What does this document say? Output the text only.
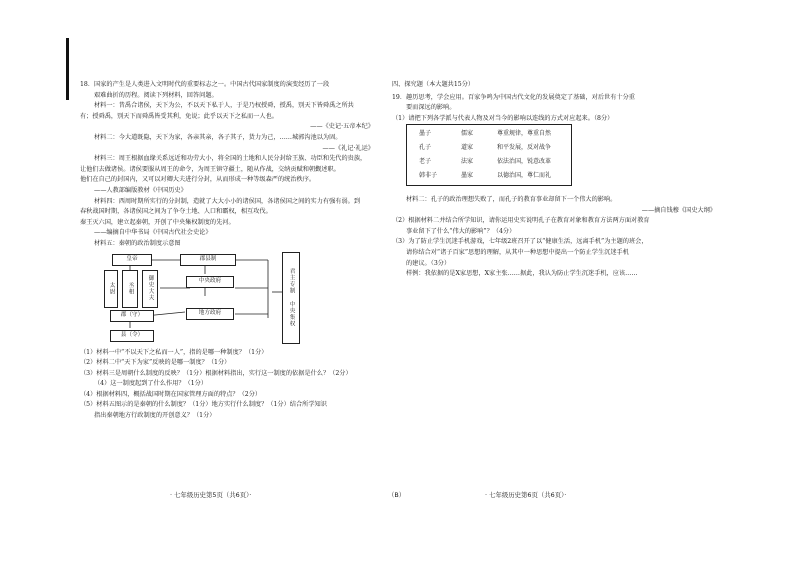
18．国家的产生是人类进入文明时代的重要标志之一。中国古代国家制度的演变经历了一段
艰难曲折的历程。阅读下列材料，回答问题。
材料一：昔禹合诸侯，天下为公，不以天下私于人，于是乃权授舜，授禹，别天下皆舜禹之所共
有；授舜禹，别天下而舜禹皆受其利，免说；此乎以天下之私而一人也。
——《史记·五帝本纪》
材料二：今大道既隐，天下为家，各亲其亲，各子其子，货力为己，……城郭沟池以为固。
——《礼记·礼运》
材料三：周王根据血缘关系远近和功劳大小，将全国的土地和人民分封给王族、功臣和先代的贵族，
让他们去做诸侯。诸侯要服从周王的命令，为周王镇守疆土，随从作战，交纳贡赋和朝觐述职。
他们在自己的封国内，又可以对卿大夫进行分封，从而形成一种等级森严的统治秩序。
——人教部编版教材《中国历史》
材料四：西周时期所实行的分封制，造就了大大小小的诸侯国，各诸侯国之间的实力有强有弱。到
春秋战国时期，各诸侯国之间为了争夺土地、人口和霸权，相互攻伐。
秦王灭六国，建立起秦朝，开创了中央集权制度的先河。
——编摘自中华书局《中国古代社会史论》
材料五：秦朝的政治制度示意图
皇帝
太尉	丞相	御史大夫
郡县制
中央政府
地方政府
郡（守）
县（令）
君主专制　中央集权
（1）材料一中“不以天下之私而一人”，指的是哪一种制度？（1分）
（2）材料二中“天下为家”反映的是哪一制度？（1分）
（3）材料三是周朝什么制度的反映？（1分）根据材料指出，实行这一制度的依据是什么？（2分）
（4）这一制度起到了什么作用？（1分）
（4）根据材料四，概括战国时期在国家管理方面的特点？（2分）
（5）材料五图示的是秦朝的什么制度？（1分）地方实行什么制度？（1分）结合所学知识
指出秦朝地方行政制度的开创意义？（1分）
四、探究题（本大题共15分）
19．趣历思考，学会应用。百家争鸣为中国古代文化的发展奠定了基础，对后世有十分重
要而深远的影响。
（1）请把下列各学派与代表人物及对当今的影响以连线的方式对应起来。（8分）
墨子	儒家	尊重规律，尊重自然
孔子	道家	和平发展，反对战争
老子	法家	依法治国，锐意改革
韩非子	墨家	以德治国，尊仁而礼
材料二：孔子的政治理想失败了，而孔子的教育事业却留下一个伟大的影响。
——摘自钱穆《国史大纲》
（2）根据材料二并结合所学知识，请你运用史实说明孔子在教育对象和教育方法两方面对教育
事业留下了什么“伟大的影响”？（4分）
（3）为了防止学生沉迷手机游戏，七年级2班召开了以“健康生活，远离手机”为主题的班会，
请你结合对“诸子百家”思想的理解，从其中一种思想中提出一个防止学生沉迷手机
的建议。（3分）
样例：我依据的是X家思想，X家主张……据此，我认为防止学生沉迷手机，应该……
· 七年级历史第5页（共6页）·	（B）	· 七年级历史第6页（共6页）·
